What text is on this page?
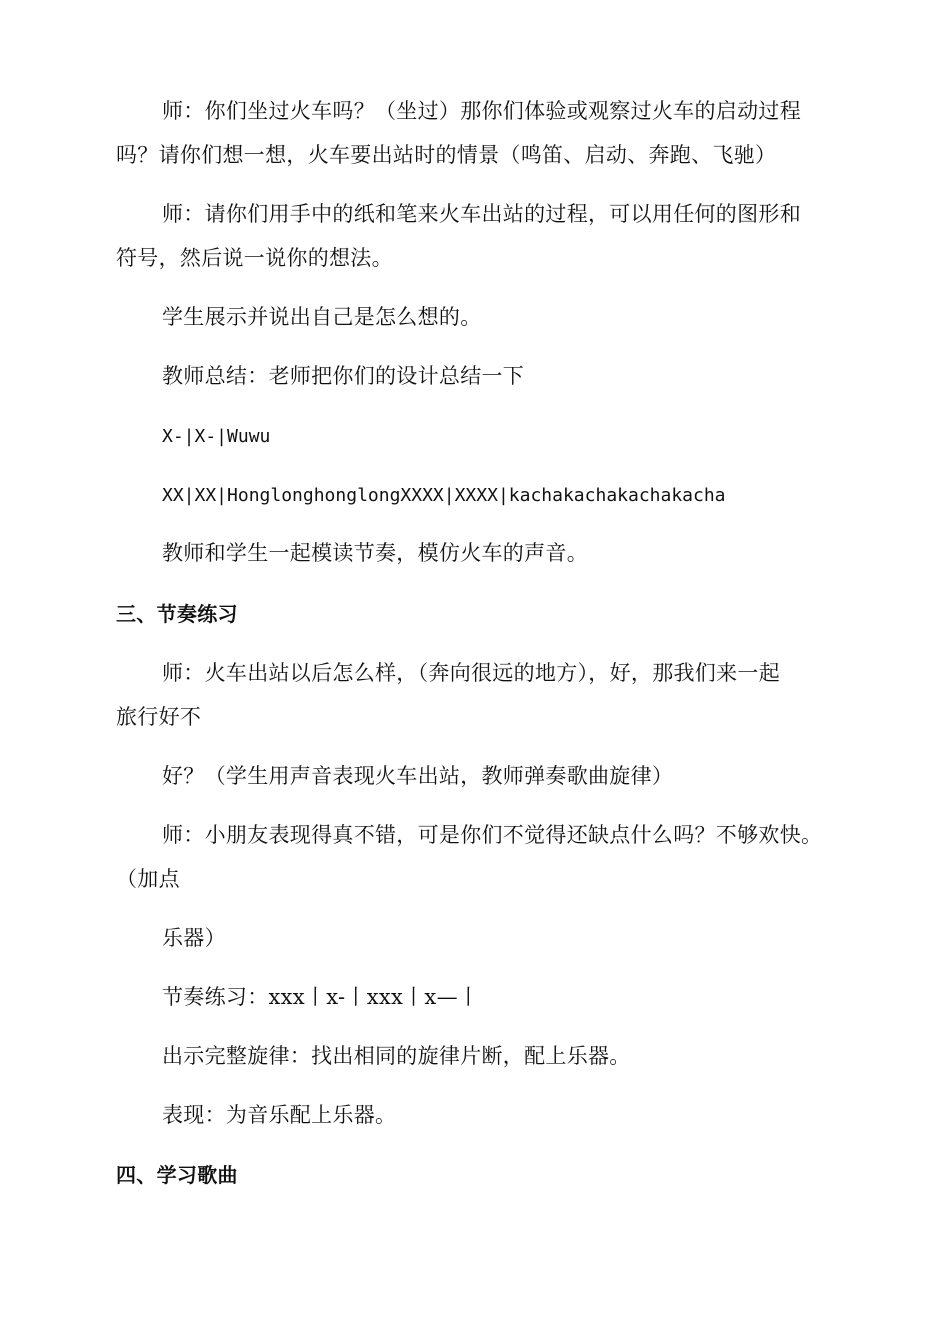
师：你们坐过火车吗？（坐过）那你们体验或观察过火车的启动过程

吗？请你们想一想，火车要出站时的情景（鸣笛、启动、奔跑、飞驰）

师：请你们用手中的纸和笔来火车出站的过程，可以用任何的图形和

符号，然后说一说你的想法。

学生展示并说出自己是怎么想的。

教师总结：老师把你们的设计总结一下

X-|X-|Wuwu

XX|XX|HonglonghonglongXXXX|XXXX|kachakachakachakacha

教师和学生一起模读节奏，模仿火车的声音。

三、节奏练习

师：火车出站以后怎么样，（奔向很远的地方），好，那我们来一起

旅行好不

好？（学生用声音表现火车出站，教师弹奏歌曲旋律）

师：小朋友表现得真不错，可是你们不觉得还缺点什么吗？不够欢快。

（加点

乐器）

节奏练习：xxx丨x-丨xxx丨x—丨

出示完整旋律：找出相同的旋律片断，配上乐器。

表现：为音乐配上乐器。

四、学习歌曲
